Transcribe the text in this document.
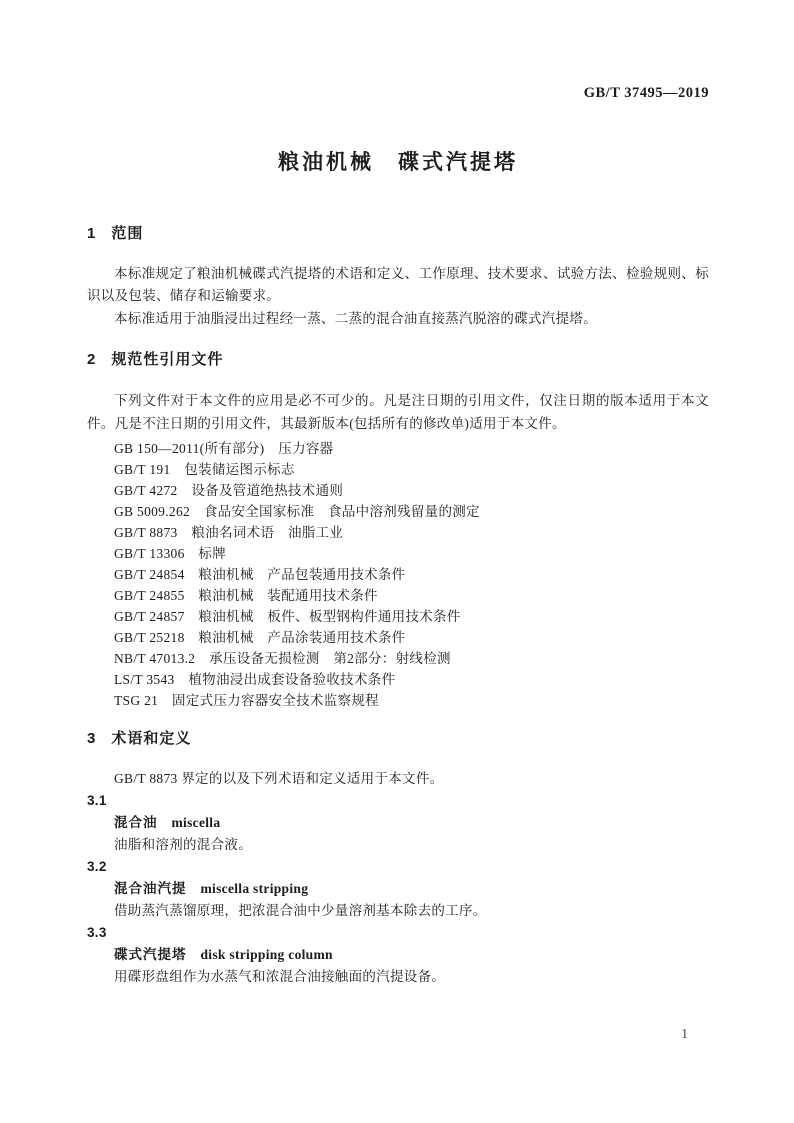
GB/T 37495—2019
粮油机械　碟式汽提塔
1 范围

本标准规定了粮油机械碟式汽提塔的术语和定义、工作原理、技术要求、试验方法、检验规则、标识以及包装、储存和运输要求。

本标准适用于油脂浸出过程经一蒸、二蒸的混合油直接蒸汽脱溶的碟式汽提塔。

2 规范性引用文件

下列文件对于本文件的应用是必不可少的。凡是注日期的引用文件，仅注日期的版本适用于本文件。凡是不注日期的引用文件，其最新版本(包括所有的修改单)适用于本文件。

GB 150—2011(所有部分)　压力容器
GB/T 191　包装储运图示标志
GB/T 4272　设备及管道绝热技术通则
GB 5009.262　食品安全国家标准　食品中溶剂残留量的测定
GB/T 8873　粮油名词术语　油脂工业
GB/T 13306　标牌
GB/T 24854　粮油机械　产品包装通用技术条件
GB/T 24855　粮油机械　装配通用技术条件
GB/T 24857　粮油机械　板件、板型钢构件通用技术条件
GB/T 25218　粮油机械　产品涂装通用技术条件
NB/T 47013.2　承压设备无损检测　第2部分：射线检测
LS/T 3543　植物油浸出成套设备验收技术条件
TSG 21　固定式压力容器安全技术监察规程
3 术语和定义

GB/T 8873 界定的以及下列术语和定义适用于本文件。

3.1
混合油 miscella
油脂和溶剂的混合液。
3.2
混合油汽提 miscella stripping
借助蒸汽蒸馏原理，把浓混合油中少量溶剂基本除去的工序。
3.3
碟式汽提塔 disk stripping column
用碟形盘组作为水蒸气和浓混合油接触面的汽提设备。
1
